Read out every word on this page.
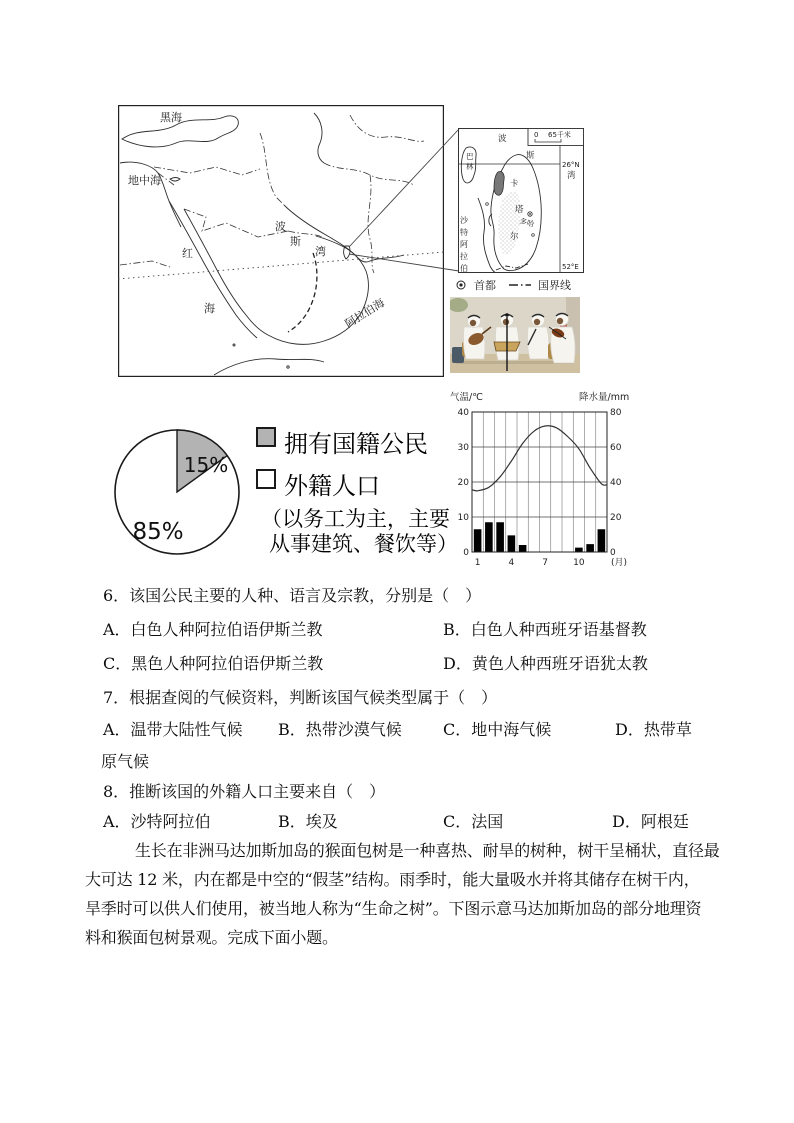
黑海
地中海
红
海
波
斯
湾
阿拉伯海
0 65千米
波
斯
湾
巴
林
卡
塔
尔
多哈
沙
特
阿
拉
伯
26°N
52°E
首都	国界线
15%
85%
拥有国籍公民
外籍人口
（以务工为主，主要
从事建筑、餐饮等）
气温/℃	降水量/mm
40
30
20
10
0
80
60
40
20
0
1	4	7	10	(月)
6．该国公民主要的人种、语言及宗教，分别是（　）
A．白色人种阿拉伯语伊斯兰教	B．白色人种西班牙语基督教
C．黑色人种阿拉伯语伊斯兰教	D．黄色人种西班牙语犹太教
7．根据查阅的气候资料，判断该国气候类型属于（　）
A．温带大陆性气候 B．热带沙漠气候	C．地中海气候	D．热带草
原气候
8．推断该国的外籍人口主要来自（　）
A．沙特阿拉伯	B．埃及	C．法国	D．阿根廷
生长在非洲马达加斯加岛的猴面包树是一种喜热、耐旱的树种，树干呈桶状，直径最
大可达 12 米，内在都是中空的“假茎”结构。雨季时，能大量吸水并将其储存在树干内，
旱季时可以供人们使用，被当地人称为“生命之树”。下图示意马达加斯加岛的部分地理资
料和猴面包树景观。完成下面小题。
